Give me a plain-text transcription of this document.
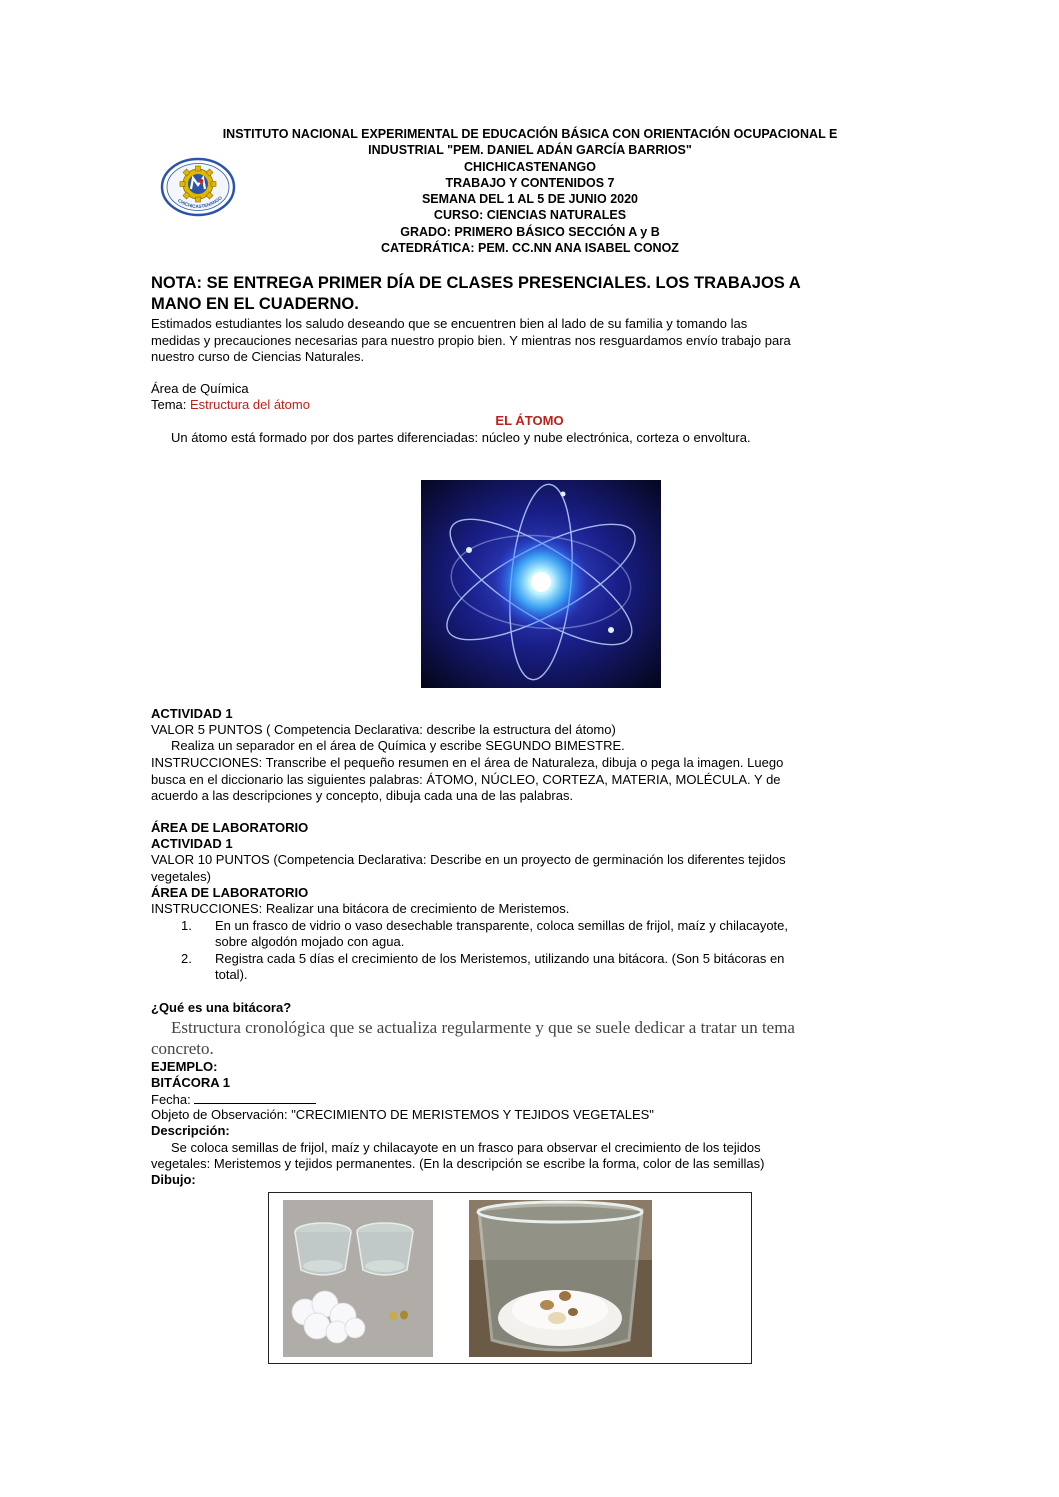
CHICHICASTENANGO
INSTITUTO NACIONAL EXPERIMENTAL DE EDUCACIÓN BÁSICA CON ORIENTACIÓN OCUPACIONAL E
INDUSTRIAL "PEM. DANIEL ADÁN GARCÍA BARRIOS"
CHICHICASTENANGO
TRABAJO Y CONTENIDOS 7
SEMANA DEL 1 AL 5 DE JUNIO 2020
CURSO: CIENCIAS NATURALES
GRADO: PRIMERO BÁSICO SECCIÓN A y B
CATEDRÁTICA: PEM. CC.NN ANA ISABEL CONOZ
NOTA: SE ENTREGA PRIMER DÍA DE CLASES PRESENCIALES. LOS TRABAJOS A
MANO EN EL CUADERNO.
Estimados estudiantes los saludo deseando que se encuentren bien al lado de su familia y tomando las
medidas y precauciones necesarias para nuestro propio bien. Y mientras nos resguardamos envío trabajo para
nuestro curso de Ciencias Naturales.
Área de Química
Tema: Estructura del átomo
EL ÁTOMO
Un átomo está formado por dos partes diferenciadas: núcleo y nube electrónica, corteza o envoltura.
ACTIVIDAD 1
VALOR 5 PUNTOS ( Competencia Declarativa: describe la estructura del átomo)
Realiza un separador en el área de Química y escribe SEGUNDO BIMESTRE.
INSTRUCCIONES: Transcribe el pequeño resumen en el área de Naturaleza, dibuja o pega la imagen. Luego
busca en el diccionario las siguientes palabras: ÁTOMO, NÚCLEO, CORTEZA, MATERIA, MOLÉCULA. Y de
acuerdo a las descripciones y concepto, dibuja cada una de las palabras.
ÁREA DE LABORATORIO
ACTIVIDAD 1
VALOR 10 PUNTOS (Competencia Declarativa: Describe en un proyecto de germinación los diferentes tejidos
vegetales)
ÁREA DE LABORATORIO
INSTRUCCIONES: Realizar una bitácora de crecimiento de Meristemos.
1. En un frasco de vidrio o vaso desechable transparente, coloca semillas de frijol, maíz y chilacayote,
sobre algodón mojado con agua.
2. Registra cada 5 días el crecimiento de los Meristemos, utilizando una bitácora. (Son 5 bitácoras en
total).
¿Qué es una bitácora?
Estructura cronológica que se actualiza regularmente y que se suele dedicar a tratar un tema
concreto.
EJEMPLO:
BITÁCORA 1
Fecha:
Objeto de Observación: "CRECIMIENTO DE MERISTEMOS Y TEJIDOS VEGETALES"
Descripción:
Se coloca semillas de frijol, maíz y chilacayote en un frasco para observar el crecimiento de los tejidos
vegetales: Meristemos y tejidos permanentes. (En la descripción se escribe la forma, color de las semillas)
Dibujo:
